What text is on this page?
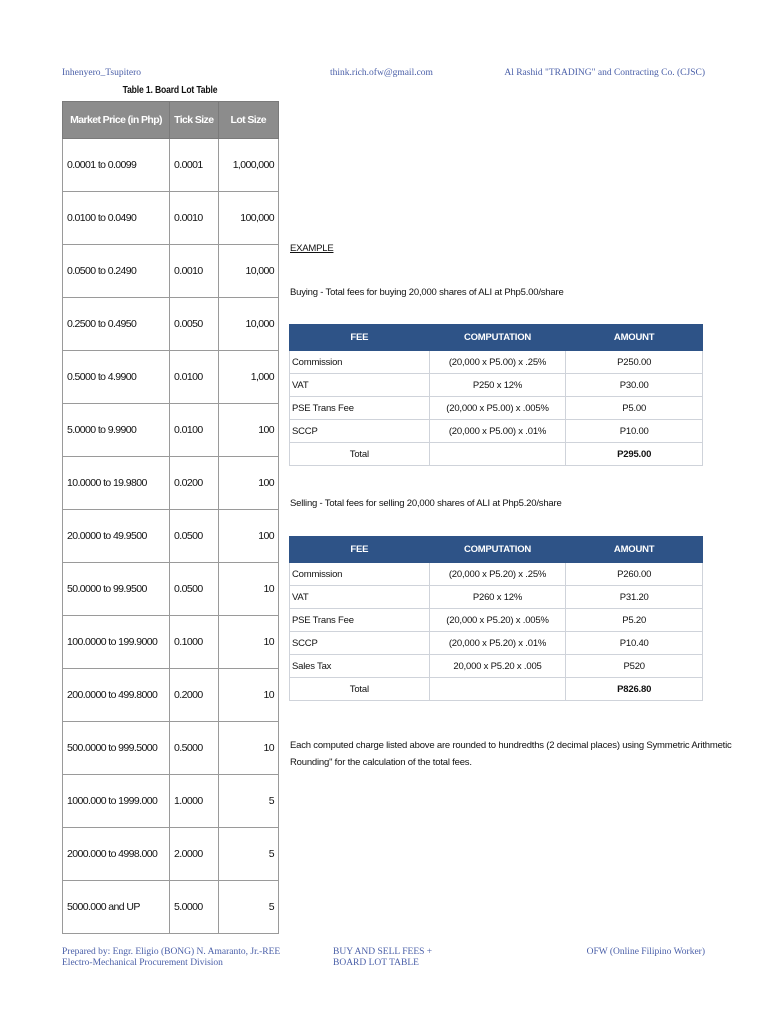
Inhenyero_Tsupitero	think.rich.ofw@gmail.com	Al Rashid "TRADING" and Contracting Co. (CJSC)
Table 1. Board Lot Table
Market Price (in Php)	Tick Size	Lot Size
0.0001 to 0.0099	0.0001	1,000,000
0.0100 to 0.0490	0.0010	100,000
0.0500 to 0.2490	0.0010	10,000
0.2500 to 0.4950	0.0050	10,000
0.5000 to 4.9900	0.0100	1,000
5.0000 to 9.9900	0.0100	100
10.0000 to 19.9800	0.0200	100
20.0000 to 49.9500	0.0500	100
50.0000 to 99.9500	0.0500	10
100.0000 to 199.9000	0.1000	10
200.0000 to 499.8000	0.2000	10
500.0000 to 999.5000	0.5000	10
1000.000 to 1999.000	1.0000	5
2000.000 to 4998.000	2.0000	5
5000.000 and UP	5.0000	5
EXAMPLE
Buying - Total fees for buying 20,000 shares of ALI at Php5.00/share
FEE	COMPUTATION	AMOUNT
Commission	(20,000 x P5.00) x .25%	P250.00
VAT	P250 x 12%	P30.00
PSE Trans Fee	(20,000 x P5.00) x .005%	P5.00
SCCP	(20,000 x P5.00) x .01%	P10.00
Total		P295.00
Selling - Total fees for selling 20,000 shares of ALI at Php5.20/share
FEE	COMPUTATION	AMOUNT
Commission	(20,000 x P5.20) x .25%	P260.00
VAT	P260 x 12%	P31.20
PSE Trans Fee	(20,000 x P5.20) x .005%	P5.20
SCCP	(20,000 x P5.20) x .01%	P10.40
Sales Tax	20,000 x P5.20 x .005	P520
Total		P826.80
Each computed charge listed above are rounded to hundredths (2 decimal places) using Symmetric Arithmetic
Rounding" for the calculation of the total fees.
Prepared by: Engr. Eligio (BONG) N. Amaranto, Jr.-REE
Electro-Mechanical Procurement Division
BUY AND SELL FEES +
BOARD LOT TABLE
OFW (Online Filipino Worker)
